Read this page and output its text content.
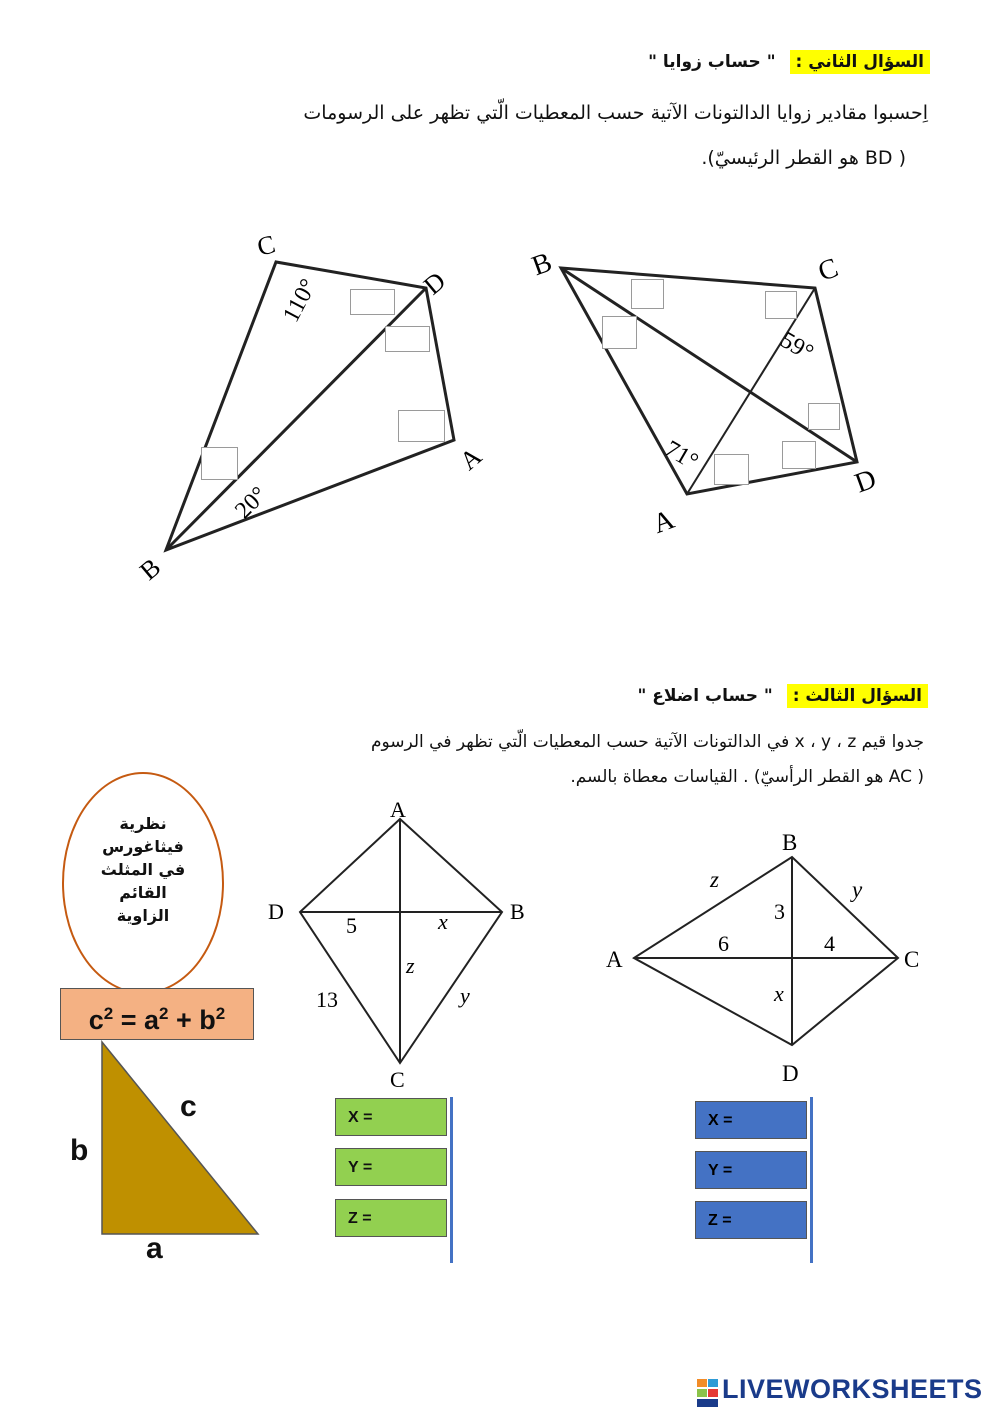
السؤال الثاني : " حساب زوايا "
اِحسبوا مقادير زوايا الدالتونات الآتية حسب المعطيات الّتي تظهر على الرسومات
( BD هو القطر الرئيسيّ).
C
D
A
B
110°
20°
B	C
D
A
59°
71°
السؤال الثالث : " حساب اضلاع "
جدوا قيم x ، y ، z في الدالتونات الآتية حسب المعطيات الّتي تظهر في الرسوم
( AC هو القطر الرأسيّ) . القياسات معطاة بالسم.
نظرية
فيثاغورس
في المثلث
القائم
الزاوية
$c^2 = a^2 + b^2$
c
b
a
A
B
C
D
5	x
z
13	y
B
A	C
D
z	y
3
6	4
x
X =
Y =
Z =
X =
Y =
Z =
LIVEWORKSHEETS
